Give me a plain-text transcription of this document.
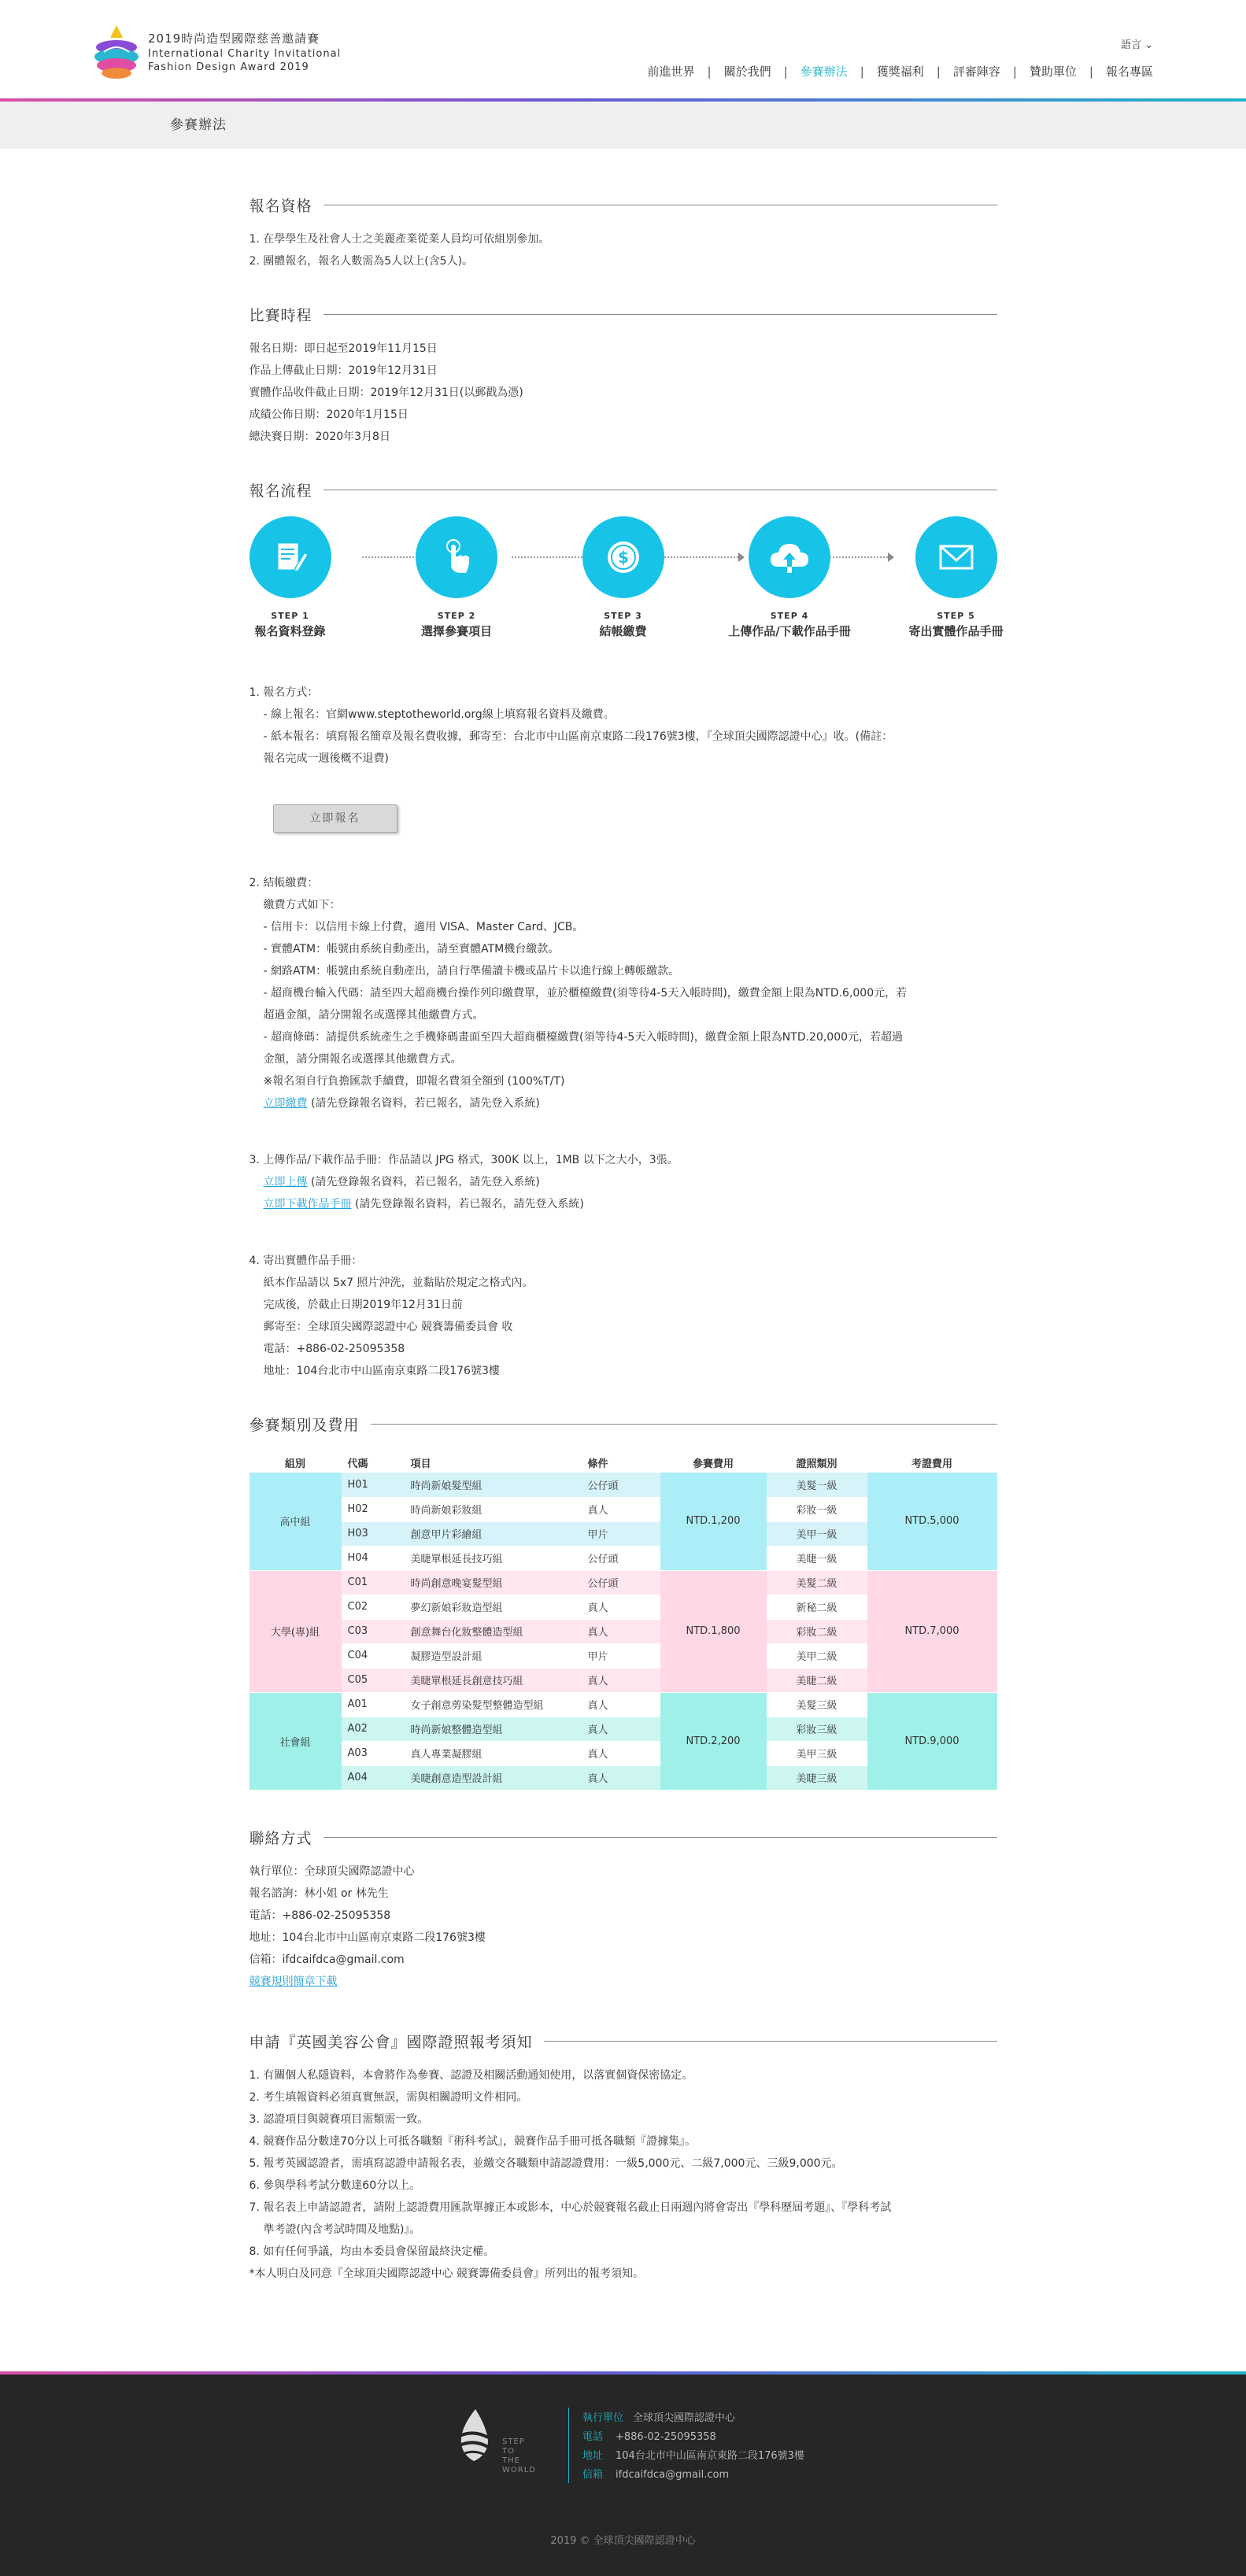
2019時尚造型國際慈善邀請賽
International Charity Invitational
Fashion Design Award 2019
語言 ⌄
前進世界	|	關於我們	|	參賽辦法	|	獲獎福利	|	評審陣容	|	贊助單位	|	報名專區
參賽辦法
報名資格
1. 在學學生及社會人士之美麗產業從業人員均可依組別參加。
2. 團體報名，報名人數需為5人以上(含5人)。
比賽時程
報名日期：即日起至2019年11月15日
作品上傳截止日期：2019年12月31日
實體作品收件截止日期：2019年12月31日(以郵戳為憑)
成績公佈日期：2020年1月15日
總決賽日期：2020年3月8日
報名流程
STEP 1
報名資料登錄
STEP 2
選擇參賽項目
$
STEP 3
結帳繳費
STEP 4
上傳作品/下載作品手冊
STEP 5
寄出實體作品手冊
1. 報名方式：
- 線上報名：官網www.steptotheworld.org線上填寫報名資料及繳費。
- 紙本報名：填寫報名簡章及報名費收據，郵寄至：台北市中山區南京東路二段176號3樓，『全球頂尖國際認證中心』收。(備註：
報名完成一週後概不退費)
立即報名
2. 結帳繳費：
繳費方式如下：
- 信用卡：以信用卡線上付費，適用 VISA、Master Card、JCB。
- 實體ATM：帳號由系統自動產出，請至實體ATM機台繳款。
- 網路ATM：帳號由系統自動產出，請自行準備讀卡機或晶片卡以進行線上轉帳繳款。
- 超商機台輸入代碼：請至四大超商機台操作列印繳費單，並於櫃檯繳費(須等待4-5天入帳時間)，繳費金額上限為NTD.6,000元，若
超過金額，請分開報名或選擇其他繳費方式。
- 超商條碼：請提供系統產生之手機條碼畫面至四大超商櫃檯繳費(須等待4-5天入帳時間)，繳費金額上限為NTD.20,000元，若超過
金額，請分開報名或選擇其他繳費方式。
※報名須自行負擔匯款手續費，即報名費須全額到 (100%T/T)
立即繳費 (請先登錄報名資料，若已報名，請先登入系統)
3. 上傳作品/下載作品手冊：作品請以 JPG 格式，300K 以上，1MB 以下之大小，3張。
立即上傳 (請先登錄報名資料，若已報名，請先登入系統)
立即下載作品手冊 (請先登錄報名資料，若已報名，請先登入系統)
4. 寄出實體作品手冊：
紙本作品請以 5x7 照片沖洗，並黏貼於規定之格式內。
完成後，於截止日期2019年12月31日前
郵寄至：全球頂尖國際認證中心 競賽籌備委員會 收
電話：+886-02-25095358
地址：104台北市中山區南京東路二段176號3樓
參賽類別及費用
組別	代碼	項目	條件	參賽費用	證照類別	考證費用
高中組	H01	時尚新娘髮型組	公仔頭	NTD.1,200	美髮一級	NTD.5,000
	H02	時尚新娘彩妝組	真人		彩妝一級	
	H03	創意甲片彩繪組	甲片		美甲一級	
	H04	美睫單根延長技巧組	公仔頭		美睫一級	
大學(專)組	C01	時尚創意晚宴髮型組	公仔頭	NTD.1,800	美髮二級	NTD.7,000
	C02	夢幻新娘彩妝造型組	真人		新秘二級	
	C03	創意舞台化妝整體造型組	真人		彩妝二級	
	C04	凝膠造型設計組	甲片		美甲二級	
	C05	美睫單根延長創意技巧組	真人		美睫二級	
社會組	A01	女子創意剪染髮型整體造型組	真人	NTD.2,200	美髮三級	NTD.9,000
	A02	時尚新娘整體造型組	真人		彩妝三級	
	A03	真人專業凝膠組	真人		美甲三級	
	A04	美睫創意造型設計組	真人		美睫三級	
聯絡方式
執行單位：全球頂尖國際認證中心
報名諮詢：林小姐 or 林先生
電話：+886-02-25095358
地址：104台北市中山區南京東路二段176號3樓
信箱：ifdcaifdca@gmail.com
競賽規則簡章下載
申請『英國美容公會』國際證照報考須知
1. 有關個人私隱資料，本會將作為參賽、認證及相關活動通知使用，以落實個資保密協定。
2. 考生填報資料必須真實無誤，需與相關證明文件相同。
3. 認證項目與競賽項目需類需一致。
4. 競賽作品分數達70分以上可抵各職類『術科考試』，競賽作品手冊可抵各職類『證據集』。
5. 報考英國認證者，需填寫認證申請報名表，並繳交各職類申請認證費用：一級5,000元、二級7,000元、三級9,000元。
6. 參與學科考試分數達60分以上。
7. 報名表上申請認證者，請附上認證費用匯款單據正本或影本，中心於競賽報名截止日兩週內將會寄出『學科歷屆考題』、『學科考試
準考證(內含考試時間及地點)』。
8. 如有任何爭議，均由本委員會保留最終決定權。
*本人明白及同意『全球頂尖國際認證中心 競賽籌備委員會』所列出的報考須知。
STEP
TO
THE
WORLD
執行單位 全球頂尖國際認證中心
電話 +886-02-25095358
地址 104台北市中山區南京東路二段176號3樓
信箱 ifdcaifdca@gmail.com
2019 © 全球頂尖國際認證中心
